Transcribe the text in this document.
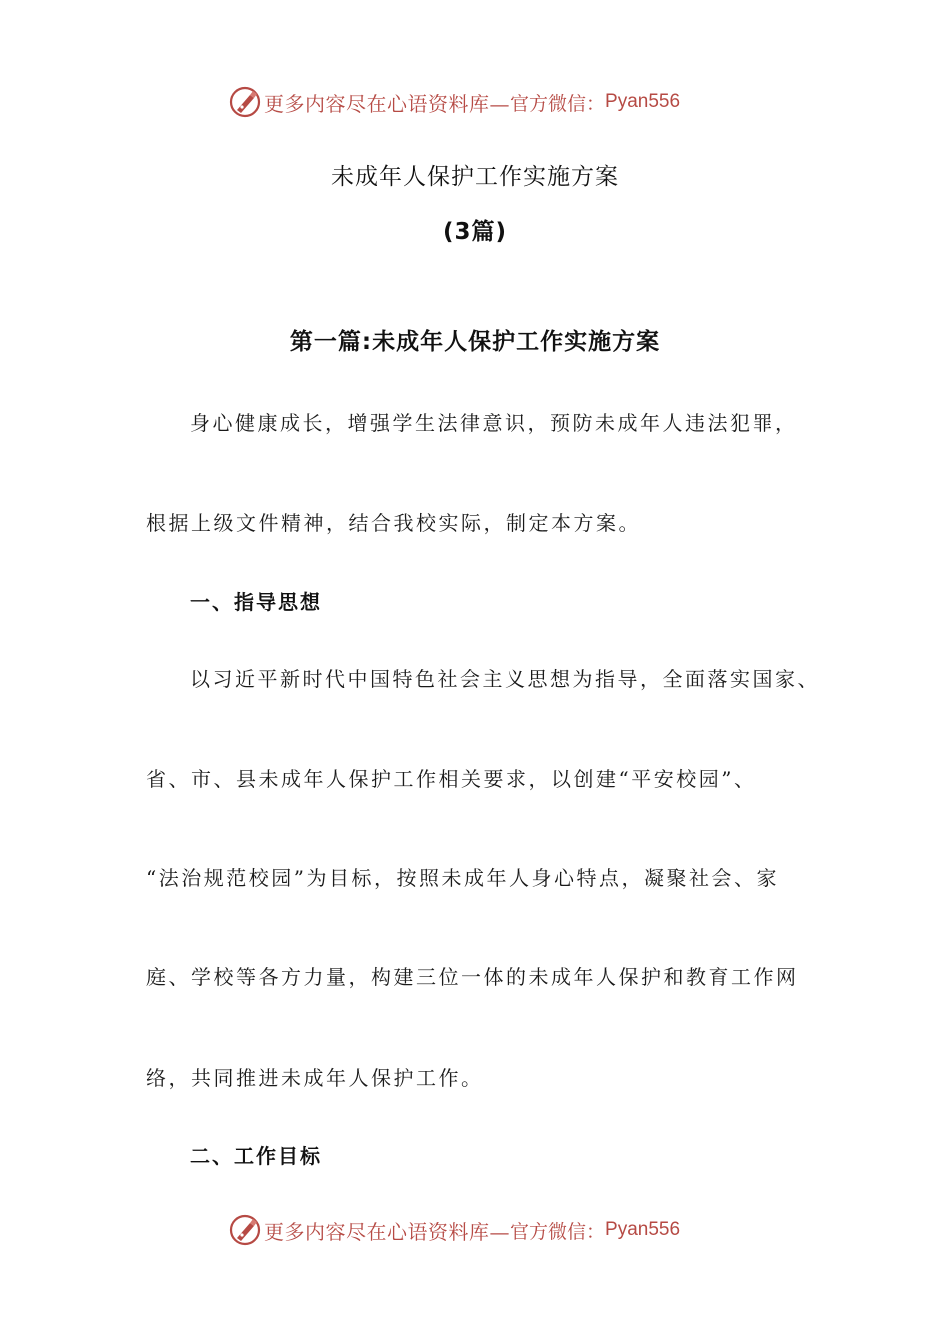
更多内容尽在心语资料库— 官方微信： Pyan556
未成年人保护工作实施方案
(3篇)
第一篇:未成年人保护工作实施方案
身心健康成长，增强学生法律意识，预防未成年人违法犯罪，
根据上级文件精神，结合我校实际，制定本方案。
一、指导思想
以习近平新时代中国特色社会主义思想为指导，全面落实国家、
省、市、县未成年人保护工作相关要求，以创建“平安校园”、
“法治规范校园”为目标，按照未成年人身心特点，凝聚社会、家
庭、学校等各方力量，构建三位一体的未成年人保护和教育工作网
络，共同推进未成年人保护工作。
二、工作目标
更多内容尽在心语资料库— 官方微信： Pyan556
